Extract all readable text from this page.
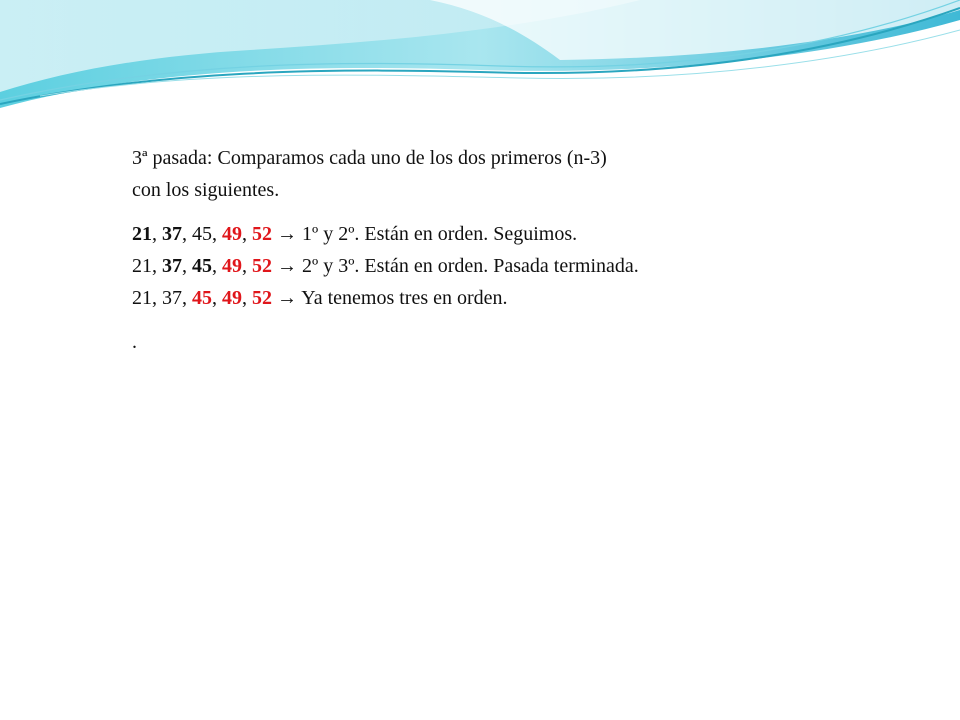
3ª pasada: Comparamos cada uno de los dos primeros (n-3)
con los siguientes.

21, 37, 45, 49, 52 → 1º y 2º. Están en orden. Seguimos.

21, 37, 45, 49, 52 → 2º y 3º. Están en orden. Pasada terminada.

21, 37, 45, 49, 52 → Ya tenemos tres en orden.

.
